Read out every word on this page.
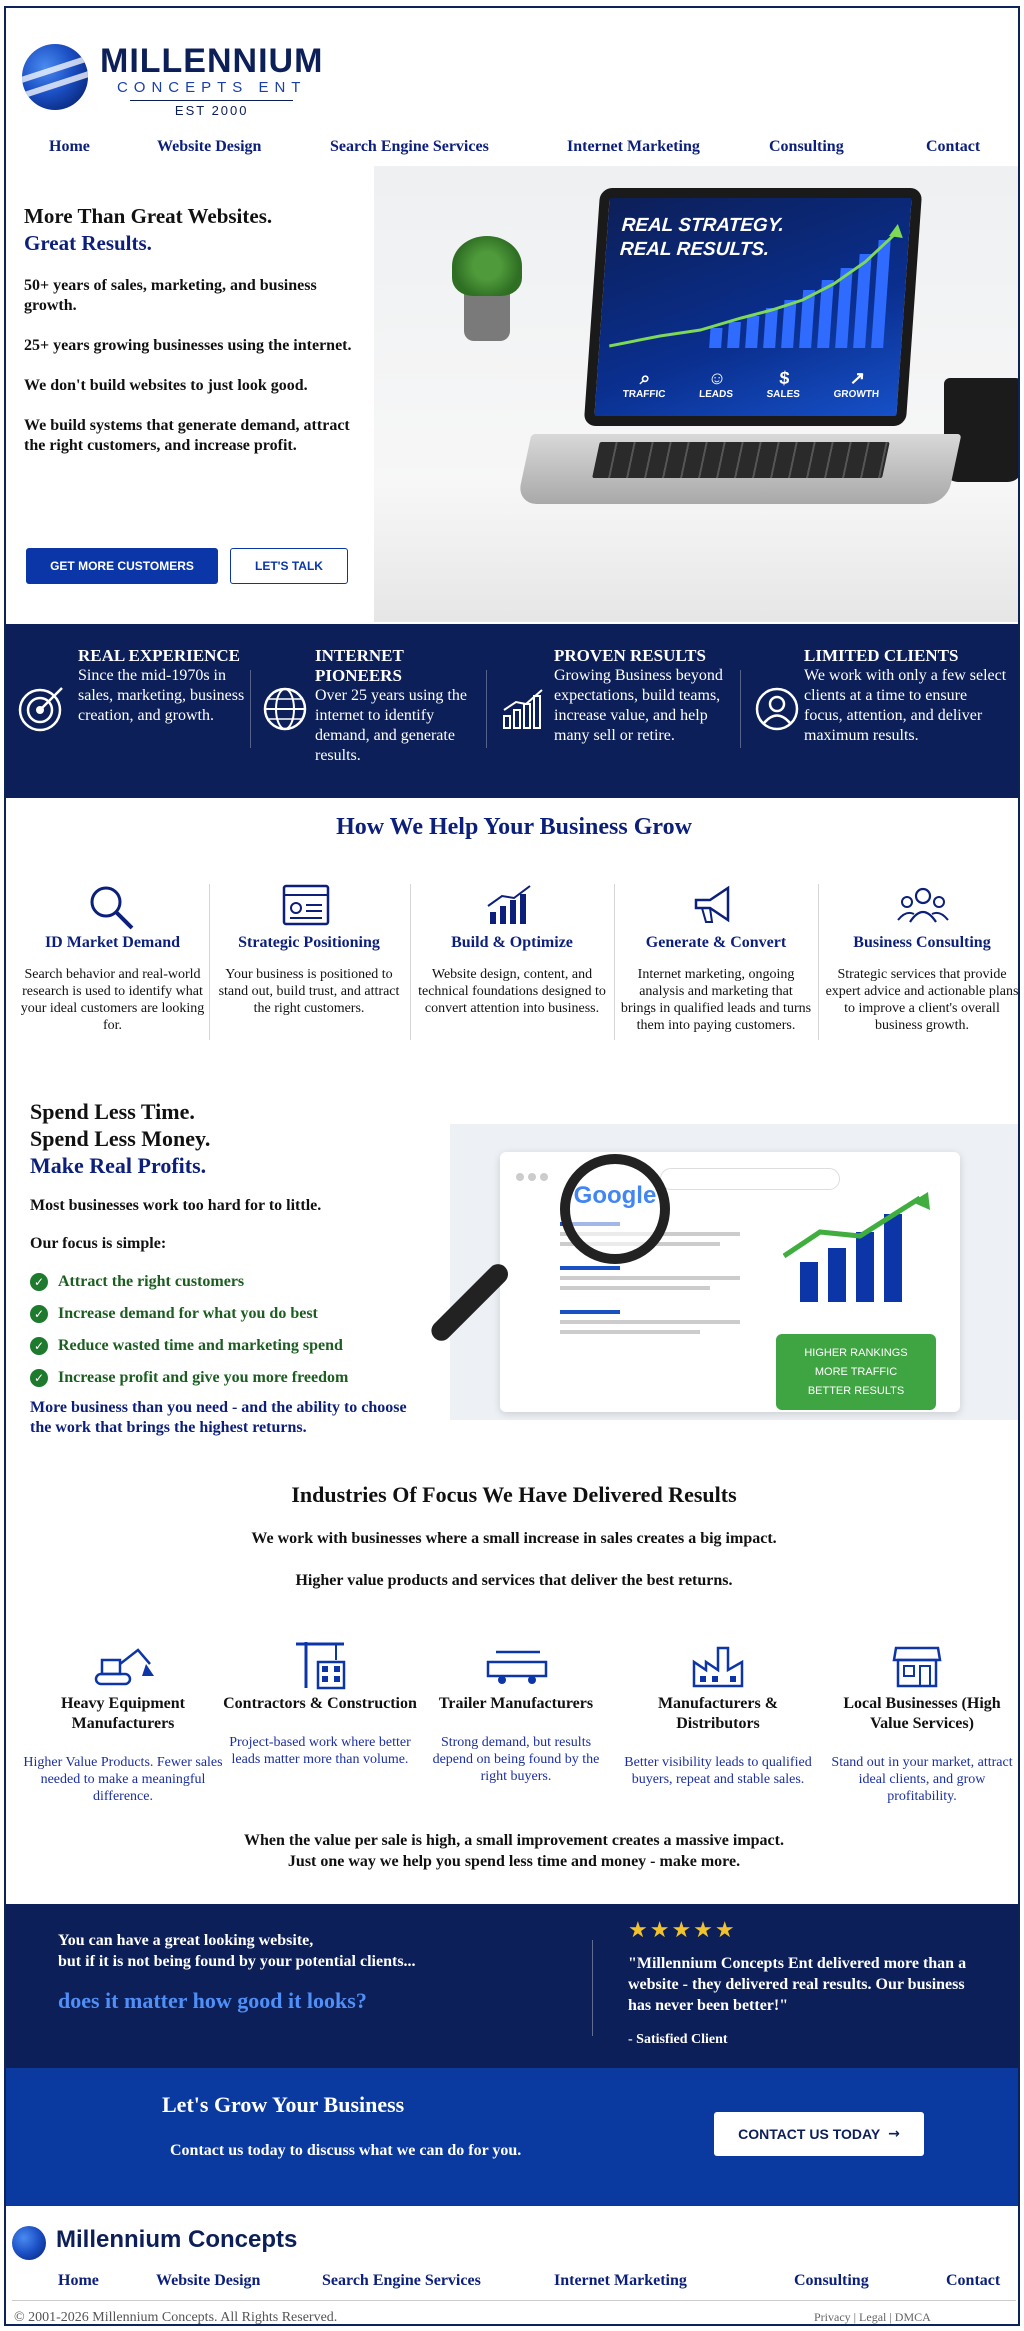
MILLENNIUM
CONCEPTS ENT
EST 2000
Home	Website Design	Search Engine Services	Internet Marketing	Consulting	Contact
More Than Great Websites.
Great Results.
50+ years of sales, marketing, and business growth.
25+ years growing businesses using the internet.
We don't build websites to just look good.
We build systems that generate demand, attract the right customers, and increase profit.
GET MORE CUSTOMERS	LET'S TALK
REAL STRATEGY.
REAL RESULTS.
⌕
TRAFFIC
☺
LEADS
$
SALES
↗
GROWTH
REAL EXPERIENCE
Since the mid-1970s in sales, marketing, business creation, and growth.
INTERNET PIONEERS
Over 25 years using the internet to identify demand, and generate results.
PROVEN RESULTS
Growing Business beyond expectations, build teams, increase value, and help many sell or retire.
LIMITED CLIENTS
We work with only a few select clients at a time to ensure focus, attention, and deliver maximum results.
How We Help Your Business Grow
ID Market Demand
Search behavior and real-world research is used to identify what your ideal customers are looking for.
Strategic Positioning
Your business is positioned to stand out, build trust, and attract the right customers.
Build & Optimize
Website design, content, and technical foundations designed to convert attention into business.
Generate & Convert
Internet marketing, ongoing analysis and marketing that brings in qualified leads and turns them into paying customers.
Business Consulting
Strategic services that provide expert advice and actionable plans to improve a client's overall business growth.
Spend Less Time.
Spend Less Money.
Make Real Profits.
Most businesses work too hard for to little.
Our focus is simple:
✓ Attract the right customers
✓ Increase demand for what you do best
✓ Reduce wasted time and marketing spend
✓ Increase profit and give you more freedom
More business than you need - and the ability to choose the work that brings the highest returns.
HIGHER RANKINGS
MORE TRAFFIC
BETTER RESULTS
Google
Industries Of Focus We Have Delivered Results
We work with businesses where a small increase in sales creates a big impact.
Higher value products and services that deliver the best returns.
Heavy Equipment Manufacturers
Higher Value Products. Fewer sales needed to make a meaningful difference.
Contractors & Construction
Project-based work where better leads matter more than volume.
Trailer Manufacturers
Strong demand, but results depend on being found by the right buyers.
Manufacturers & Distributors
Better visibility leads to qualified buyers, repeat and stable sales.
Local Businesses (High Value Services)
Stand out in your market, attract ideal clients, and grow profitability.
When the value per sale is high, a small improvement creates a massive impact.
Just one way we help you spend less time and money - make more.
You can have a great looking website,
but if it is not being found by your potential clients...
does it matter how good it looks?
★★★★★
"Millennium Concepts Ent delivered more than a website - they delivered real results. Our business has never been better!"
- Satisfied Client
Let's Grow Your Business
Contact us today to discuss what we can do for you.
CONTACT US TODAY →
Millennium Concepts
Home	Website Design	Search Engine Services	Internet Marketing	Consulting	Contact
© 2001-2026 Millennium Concepts. All Rights Reserved.	Privacy | Legal | DMCA
